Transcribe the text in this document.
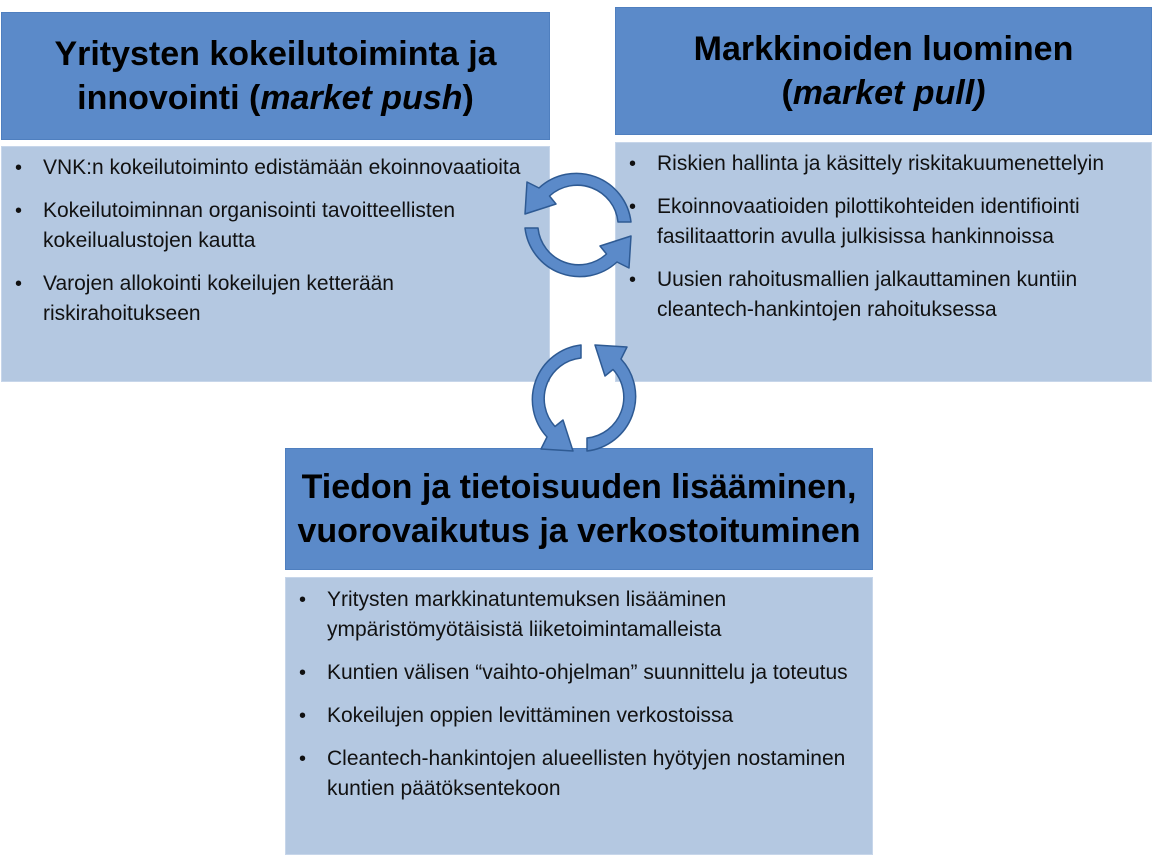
Yritysten kokeilutoiminta ja
innovointi (market push)
• VNK:n kokeilutoiminto edistämään ekoinnovaatioita
• Kokeilutoiminnan organisointi tavoitteellisten kokeilualustojen kautta
• Varojen allokointi kokeilujen ketterään riskirahoitukseen
Markkinoiden luominen
(market pull)
• Riskien hallinta ja käsittely riskitakuumenettelyin
• Ekoinnovaatioiden pilottikohteiden identifiointi fasilitaattorin avulla julkisissa hankinnoissa
• Uusien rahoitusmallien jalkauttaminen kuntiin cleantech-hankintojen rahoituksessa
Tiedon ja tietoisuuden lisääminen,
vuorovaikutus ja verkostoituminen
• Yritysten markkinatuntemuksen lisääminen ympäristömyötäisistä liiketoimintamalleista
• Kuntien välisen “vaihto-ohjelman” suunnittelu ja toteutus
• Kokeilujen oppien levittäminen verkostoissa
• Cleantech-hankintojen alueellisten hyötyjen nostaminen kuntien päätöksentekoon
